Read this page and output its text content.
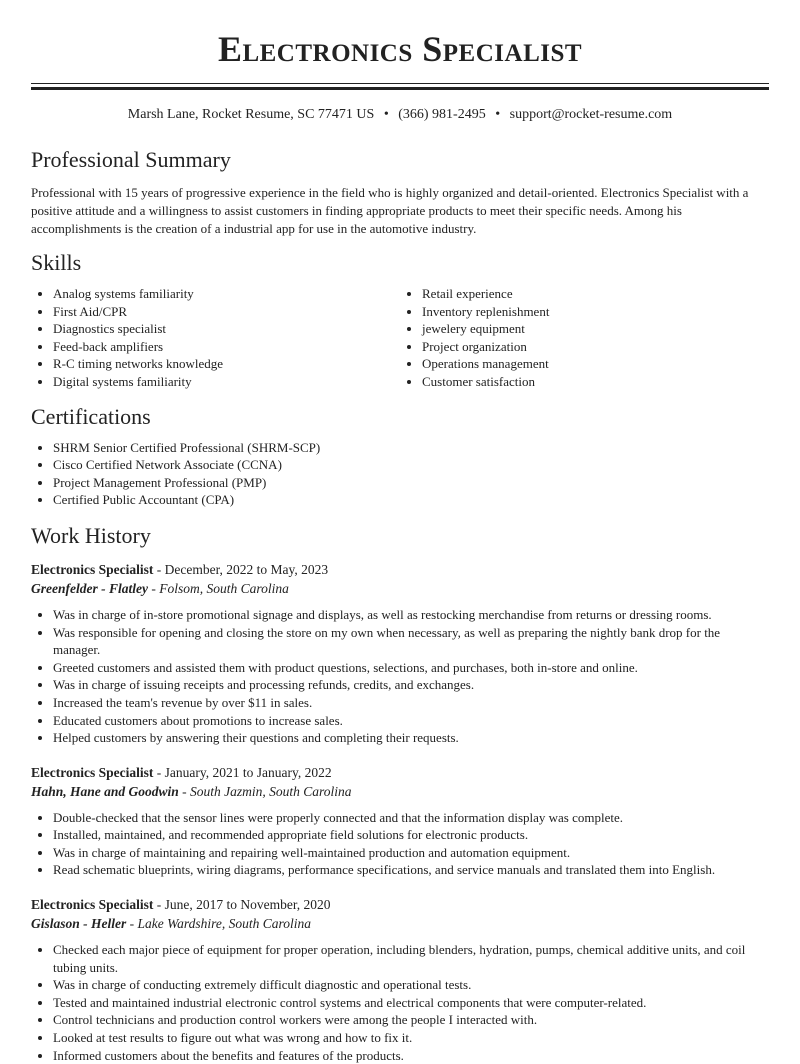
Electronics Specialist
Marsh Lane, Rocket Resume, SC 77471 US • (366) 981-2495 • support@rocket-resume.com
Professional Summary

Professional with 15 years of progressive experience in the field who is highly organized and detail-oriented. Electronics Specialist with a positive attitude and a willingness to assist customers in finding appropriate products to meet their specific needs. Among his accomplishments is the creation of a industrial app for use in the automotive industry.

Skills
• Analog systems familiarity
• First Aid/CPR
• Diagnostics specialist
• Feed-back amplifiers
• R-C timing networks knowledge
• Digital systems familiarity
• Retail experience
• Inventory replenishment
• jewelery equipment
• Project organization
• Operations management
• Customer satisfaction
Certifications
• SHRM Senior Certified Professional (SHRM-SCP)
• Cisco Certified Network Associate (CCNA)
• Project Management Professional (PMP)
• Certified Public Accountant (CPA)
Work History
Electronics Specialist - December, 2022 to May, 2023
Greenfelder - Flatley - Folsom, South Carolina
• Was in charge of in-store promotional signage and displays, as well as restocking merchandise from returns or dressing rooms.
• Was responsible for opening and closing the store on my own when necessary, as well as preparing the nightly bank drop for the manager.
• Greeted customers and assisted them with product questions, selections, and purchases, both in-store and online.
• Was in charge of issuing receipts and processing refunds, credits, and exchanges.
• Increased the team's revenue by over $11 in sales.
• Educated customers about promotions to increase sales.
• Helped customers by answering their questions and completing their requests.
Electronics Specialist - January, 2021 to January, 2022
Hahn, Hane and Goodwin - South Jazmin, South Carolina
• Double-checked that the sensor lines were properly connected and that the information display was complete.
• Installed, maintained, and recommended appropriate field solutions for electronic products.
• Was in charge of maintaining and repairing well-maintained production and automation equipment.
• Read schematic blueprints, wiring diagrams, performance specifications, and service manuals and translated them into English.
Electronics Specialist - June, 2017 to November, 2020
Gislason - Heller - Lake Wardshire, South Carolina
• Checked each major piece of equipment for proper operation, including blenders, hydration, pumps, chemical additive units, and coil tubing units.
• Was in charge of conducting extremely difficult diagnostic and operational tests.
• Tested and maintained industrial electronic control systems and electrical components that were computer-related.
• Control technicians and production control workers were among the people I interacted with.
• Looked at test results to figure out what was wrong and how to fix it.
• Informed customers about the benefits and features of the products.
